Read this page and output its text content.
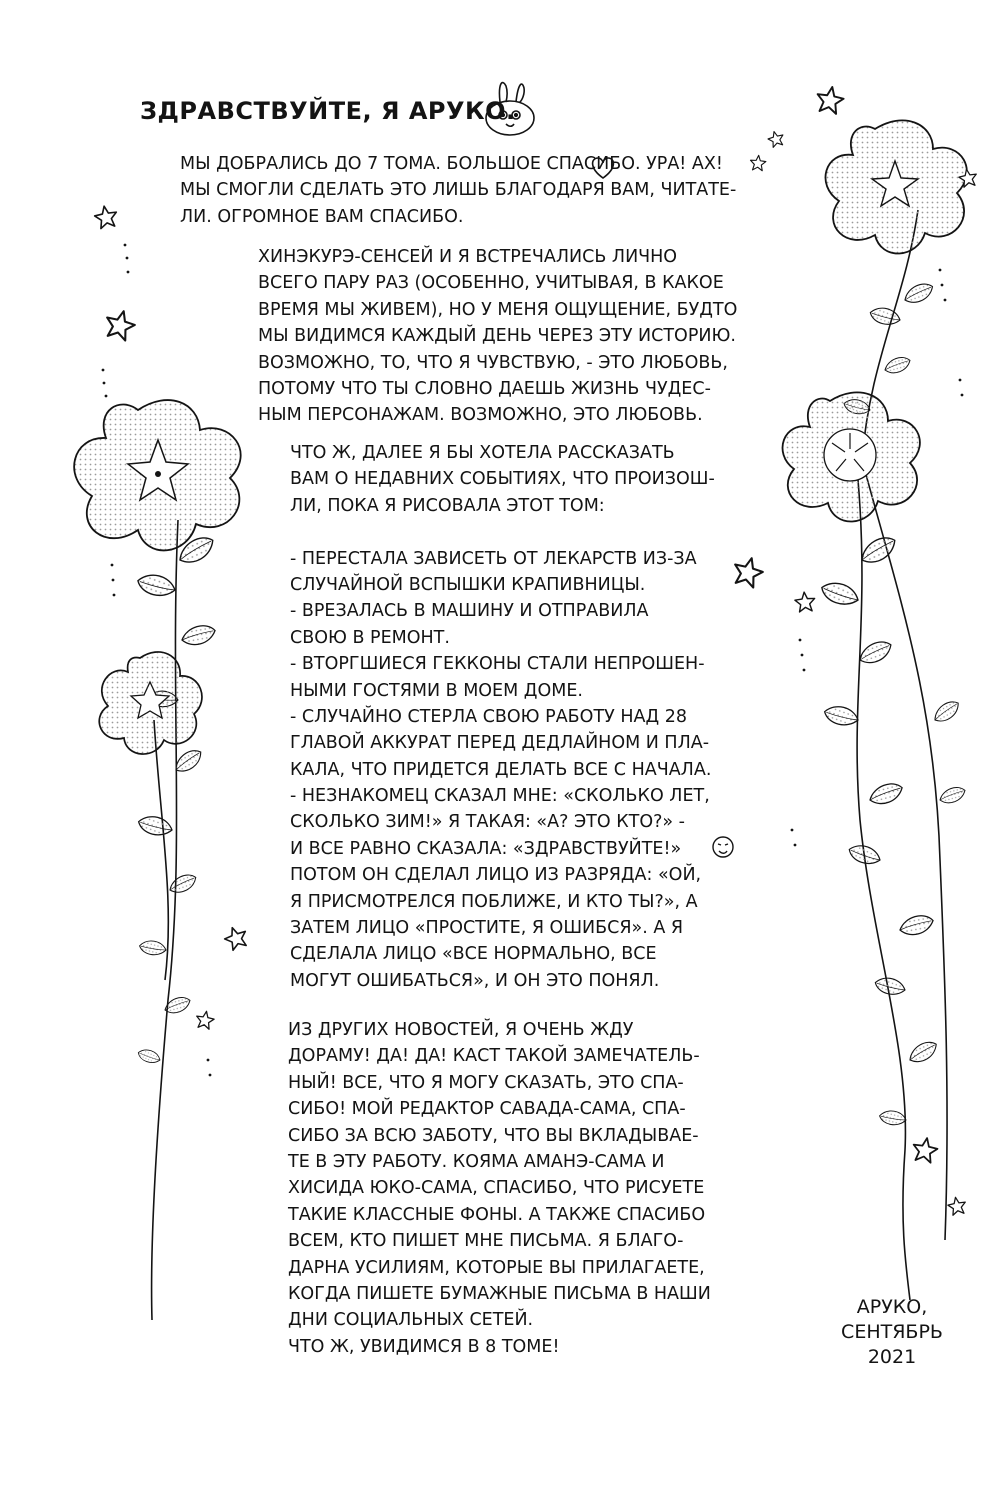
ЗДРАВСТВУЙТЕ, Я АРУКО.
МЫ ДОБРАЛИСЬ ДО 7 ТОМА. БОЛЬШОЕ СПАСИБО. УРА! АХ!
МЫ СМОГЛИ СДЕЛАТЬ ЭТО ЛИШЬ БЛАГОДАРЯ ВАМ, ЧИТАТЕ-
ЛИ. ОГРОМНОЕ ВАМ СПАСИБО.
ХИНЭКУРЭ-СЕНСЕЙ И Я ВСТРЕЧАЛИСЬ ЛИЧНО
ВСЕГО ПАРУ РАЗ (ОСОБЕННО, УЧИТЫВАЯ, В КАКОЕ
ВРЕМЯ МЫ ЖИВЕМ), НО У МЕНЯ ОЩУЩЕНИЕ, БУДТО
МЫ ВИДИМСЯ КАЖДЫЙ ДЕНЬ ЧЕРЕЗ ЭТУ ИСТОРИЮ.
ВОЗМОЖНО, ТО, ЧТО Я ЧУВСТВУЮ, - ЭТО ЛЮБОВЬ,
ПОТОМУ ЧТО ТЫ СЛОВНО ДАЕШЬ ЖИЗНЬ ЧУДЕС-
НЫМ ПЕРСОНАЖАМ. ВОЗМОЖНО, ЭТО ЛЮБОВЬ.
ЧТО Ж, ДАЛЕЕ Я БЫ ХОТЕЛА РАССКАЗАТЬ
ВАМ О НЕДАВНИХ СОБЫТИЯХ, ЧТО ПРОИЗОШ-
ЛИ, ПОКА Я РИСОВАЛА ЭТОТ ТОМ:
- ПЕРЕСТАЛА ЗАВИСЕТЬ ОТ ЛЕКАРСТВ ИЗ-ЗА
СЛУЧАЙНОЙ ВСПЫШКИ КРАПИВНИЦЫ.
- ВРЕЗАЛАСЬ В МАШИНУ И ОТПРАВИЛА
СВОЮ В РЕМОНТ.
- ВТОРГШИЕСЯ ГЕККОНЫ СТАЛИ НЕПРОШЕН-
НЫМИ ГОСТЯМИ В МОЕМ ДОМЕ.
- СЛУЧАЙНО СТЕРЛА СВОЮ РАБОТУ НАД 28
ГЛАВОЙ АККУРАТ ПЕРЕД ДЕДЛАЙНОМ И ПЛА-
КАЛА, ЧТО ПРИДЕТСЯ ДЕЛАТЬ ВСЕ С НАЧАЛА.
- НЕЗНАКОМЕЦ СКАЗАЛ МНЕ: «СКОЛЬКО ЛЕТ,
СКОЛЬКО ЗИМ!» Я ТАКАЯ: «А? ЭТО КТО?» -
И ВСЕ РАВНО СКАЗАЛА: «ЗДРАВСТВУЙТЕ!»
ПОТОМ ОН СДЕЛАЛ ЛИЦО ИЗ РАЗРЯДА: «ОЙ,
Я ПРИСМОТРЕЛСЯ ПОБЛИЖЕ, И КТО ТЫ?», А
ЗАТЕМ ЛИЦО «ПРОСТИТЕ, Я ОШИБСЯ». А Я
СДЕЛАЛА ЛИЦО «ВСЕ НОРМАЛЬНО, ВСЕ
МОГУТ ОШИБАТЬСЯ», И ОН ЭТО ПОНЯЛ.
ИЗ ДРУГИХ НОВОСТЕЙ, Я ОЧЕНЬ ЖДУ
ДОРАМУ! ДА! ДА! КАСТ ТАКОЙ ЗАМЕЧАТЕЛЬ-
НЫЙ! ВСЕ, ЧТО Я МОГУ СКАЗАТЬ, ЭТО СПА-
СИБО! МОЙ РЕДАКТОР САВАДА-САМА, СПА-
СИБО ЗА ВСЮ ЗАБОТУ, ЧТО ВЫ ВКЛАДЫВАЕ-
ТЕ В ЭТУ РАБОТУ. КОЯМА АМАНЭ-САМА И
ХИСИДА ЮКО-САМА, СПАСИБО, ЧТО РИСУЕТЕ
ТАКИЕ КЛАССНЫЕ ФОНЫ. А ТАКЖЕ СПАСИБО
ВСЕМ, КТО ПИШЕТ МНЕ ПИСЬМА. Я БЛАГО-
ДАРНА УСИЛИЯМ, КОТОРЫЕ ВЫ ПРИЛАГАЕТЕ,
КОГДА ПИШЕТЕ БУМАЖНЫЕ ПИСЬМА В НАШИ
ДНИ СОЦИАЛЬНЫХ СЕТЕЙ.
ЧТО Ж, УВИДИМСЯ В 8 ТОМЕ!
АРУКО,
СЕНТЯБРЬ
2021
